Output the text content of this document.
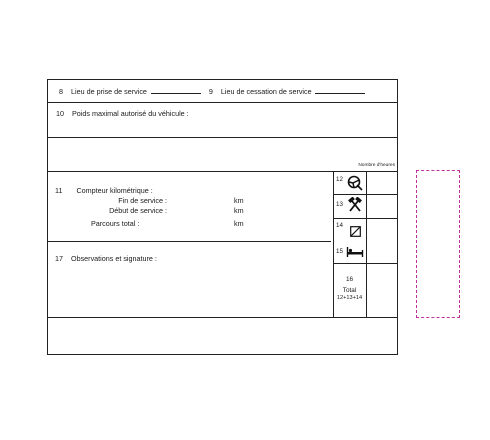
8 Lieu de prise de service	9 Lieu de cessation de service
10 Poids maximal autorisé du véhicule :
Nombre d'heures
12
13
14
15
16
Total
12+13+14
11 Compteur kilométrique :
Fin de service :	km
Début de service :	km
Parcours total :	km
17 Observations et signature :
